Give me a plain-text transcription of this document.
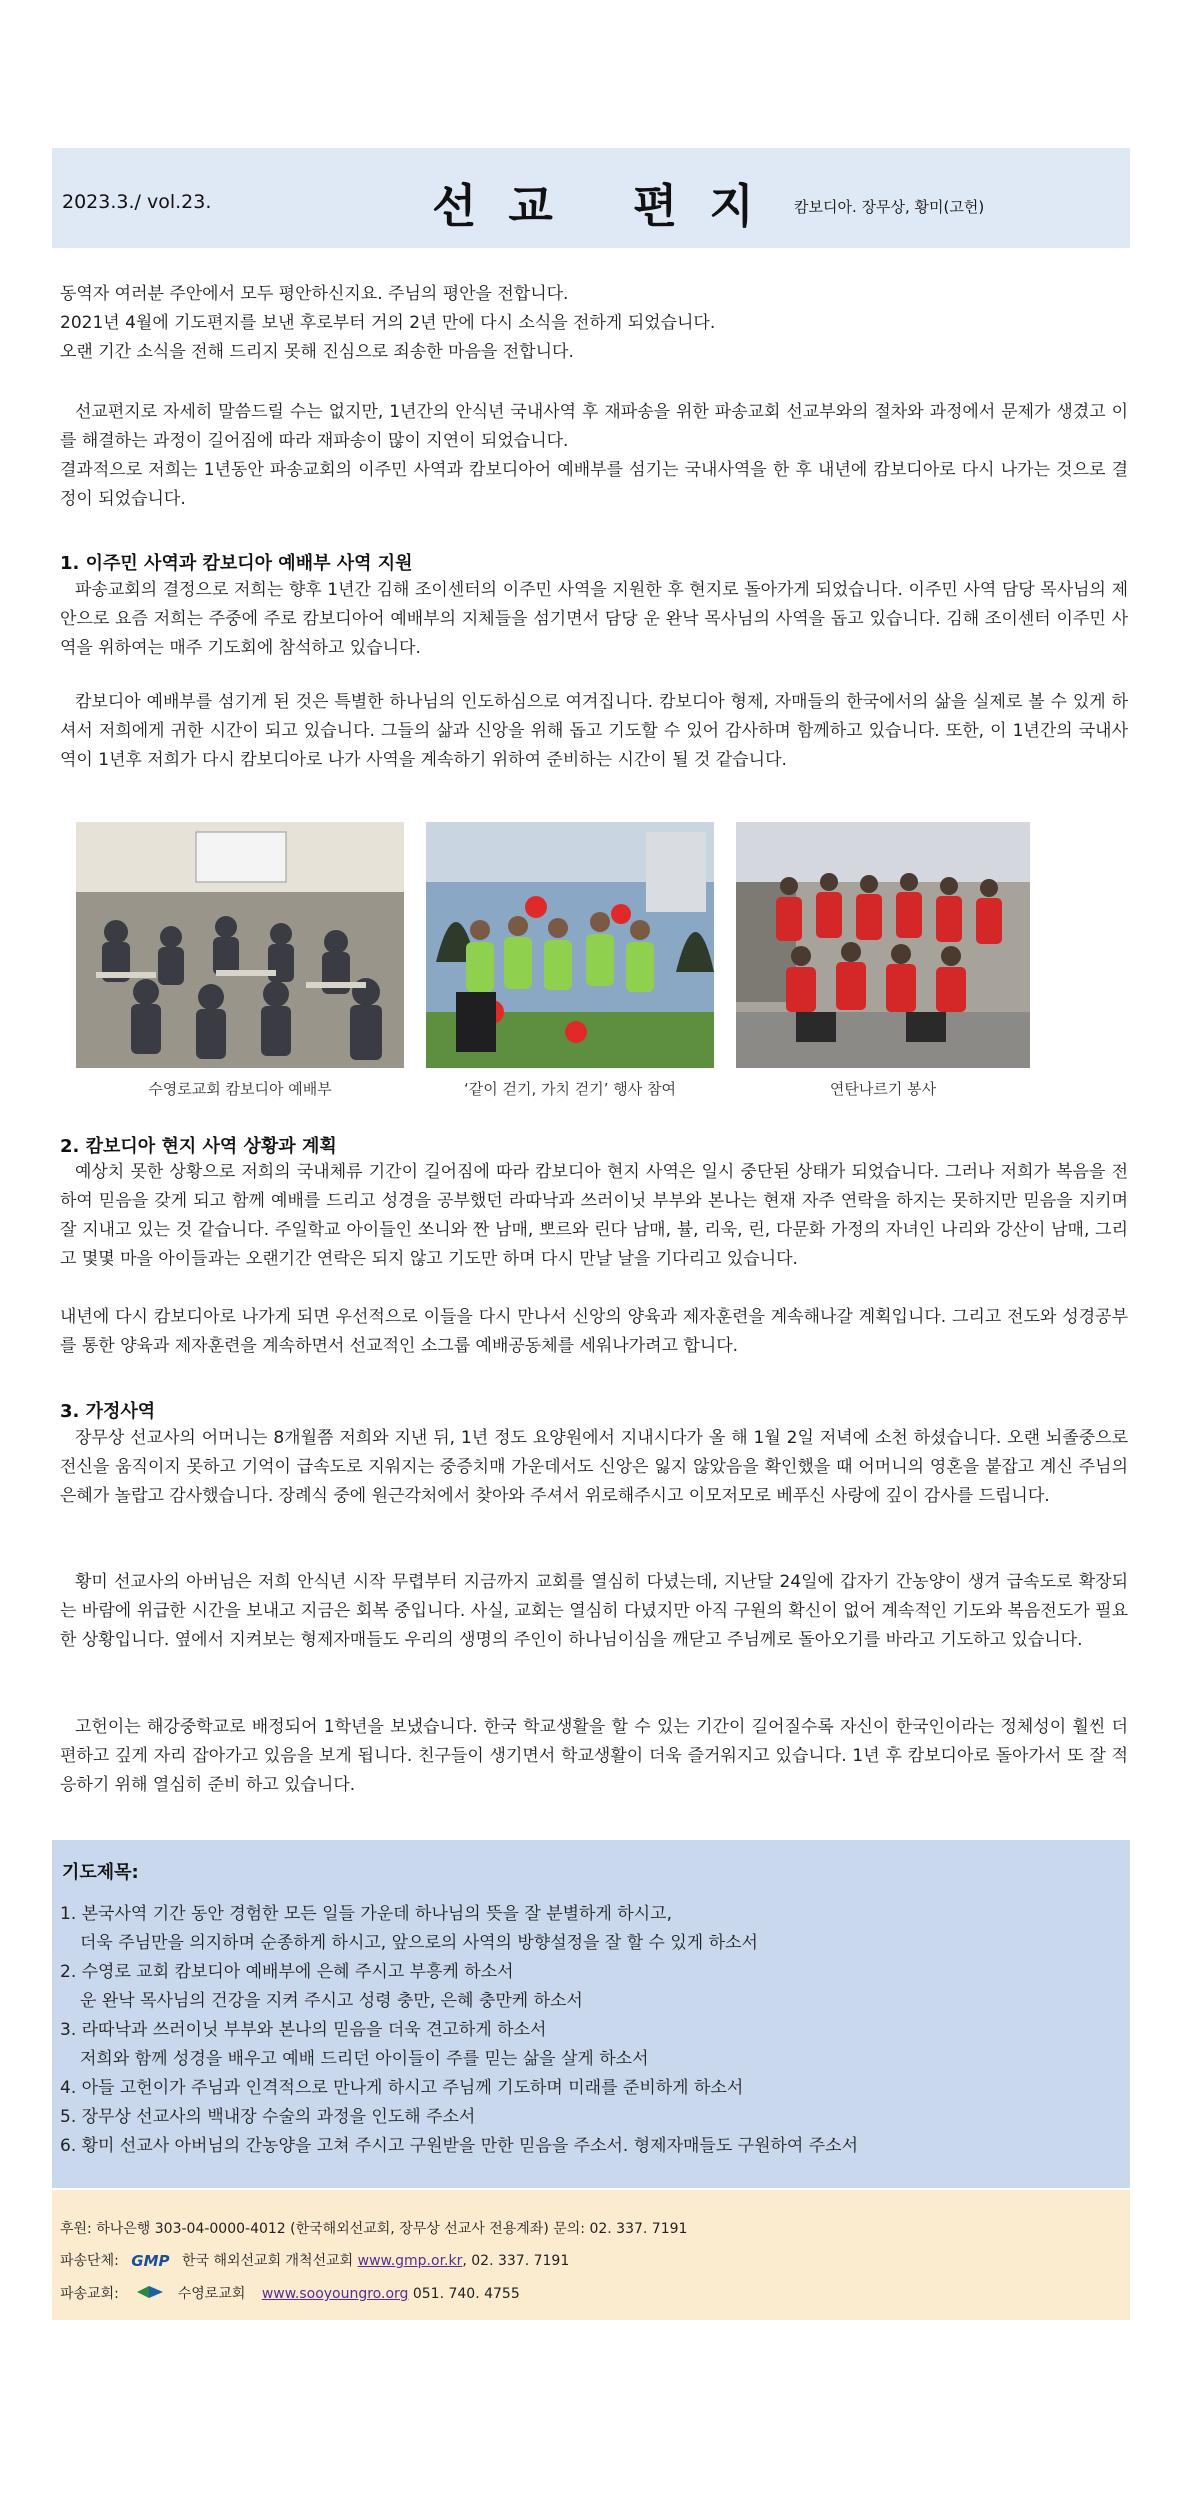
2023.3./ vol.23.	선교 편지 캄보디아. 장무상, 황미(고헌)
동역자 여러분 주안에서 모두 평안하신지요. 주님의 평안을 전합니다.
2021년 4월에 기도편지를 보낸 후로부터 거의 2년 만에 다시 소식을 전하게 되었습니다.
오랜 기간 소식을 전해 드리지 못해 진심으로 죄송한 마음을 전합니다.

선교편지로 자세히 말씀드릴 수는 없지만, 1년간의 안식년 국내사역 후 재파송을 위한 파송교회 선교부와의 절차와 과정에서 문제가 생겼고 이를 해결하는 과정이 길어짐에 따라 재파송이 많이 지연이 되었습니다.

결과적으로 저희는 1년동안 파송교회의 이주민 사역과 캄보디아어 예배부를 섬기는 국내사역을 한 후 내년에 캄보디아로 다시 나가는 것으로 결정이 되었습니다.

1. 이주민 사역과 캄보디아 예배부 사역 지원

파송교회의 결정으로 저희는 향후 1년간 김해 조이센터의 이주민 사역을 지원한 후 현지로 돌아가게 되었습니다. 이주민 사역 담당 목사님의 제안으로 요즘 저희는 주중에 주로 캄보디아어 예배부의 지체들을 섬기면서 담당 운 완낙 목사님의 사역을 돕고 있습니다. 김해 조이센터 이주민 사역을 위하여는 매주 기도회에 참석하고 있습니다.

캄보디아 예배부를 섬기게 된 것은 특별한 하나님의 인도하심으로 여겨집니다. 캄보디아 형제, 자매들의 한국에서의 삶을 실제로 볼 수 있게 하셔서 저희에게 귀한 시간이 되고 있습니다. 그들의 삶과 신앙을 위해 돕고 기도할 수 있어 감사하며 함께하고 있습니다. 또한, 이 1년간의 국내사역이 1년후 저희가 다시 캄보디아로 나가 사역을 계속하기 위하여 준비하는 시간이 될 것 같습니다.

수영로교회 캄보디아 예배부	‘같이 걷기, 가치 걷기’ 행사 참여	연탄나르기 봉사
2. 캄보디아 현지 사역 상황과 계획

예상치 못한 상황으로 저희의 국내체류 기간이 길어짐에 따라 캄보디아 현지 사역은 일시 중단된 상태가 되었습니다. 그러나 저희가 복음을 전하여 믿음을 갖게 되고 함께 예배를 드리고 성경을 공부했던 라따낙과 쓰러이닛 부부와 본나는 현재 자주 연락을 하지는 못하지만 믿음을 지키며 잘 지내고 있는 것 같습니다. 주일학교 아이들인 쏘니와 짠 남매, 뽀르와 린다 남매, 뷸, 리욱, 린, 다문화 가정의 자녀인 나리와 강산이 남매, 그리고 몇몇 마을 아이들과는 오랜기간 연락은 되지 않고 기도만 하며 다시 만날 날을 기다리고 있습니다.

내년에 다시 캄보디아로 나가게 되면 우선적으로 이들을 다시 만나서 신앙의 양육과 제자훈련을 계속해나갈 계획입니다. 그리고 전도와 성경공부를 통한 양육과 제자훈련을 계속하면서 선교적인 소그룹 예배공동체를 세워나가려고 합니다.

3. 가정사역

장무상 선교사의 어머니는 8개월쯤 저희와 지낸 뒤, 1년 정도 요양원에서 지내시다가 올 해 1월 2일 저녁에 소천 하셨습니다. 오랜 뇌졸중으로 전신을 움직이지 못하고 기억이 급속도로 지워지는 중증치매 가운데서도 신앙은 잃지 않았음을 확인했을 때 어머니의 영혼을 붙잡고 계신 주님의 은혜가 놀랍고 감사했습니다. 장례식 중에 원근각처에서 찾아와 주셔서 위로해주시고 이모저모로 베푸신 사랑에 깊이 감사를 드립니다.

황미 선교사의 아버님은 저희 안식년 시작 무렵부터 지금까지 교회를 열심히 다녔는데, 지난달 24일에 갑자기 간농양이 생겨 급속도로 확장되는 바람에 위급한 시간을 보내고 지금은 회복 중입니다. 사실, 교회는 열심히 다녔지만 아직 구원의 확신이 없어 계속적인 기도와 복음전도가 필요한 상황입니다. 옆에서 지켜보는 형제자매들도 우리의 생명의 주인이 하나님이심을 깨닫고 주님께로 돌아오기를 바라고 기도하고 있습니다.

고헌이는 해강중학교로 배정되어 1학년을 보냈습니다. 한국 학교생활을 할 수 있는 기간이 길어질수록 자신이 한국인이라는 정체성이 훨씬 더 편하고 깊게 자리 잡아가고 있음을 보게 됩니다. 친구들이 생기면서 학교생활이 더욱 즐거워지고 있습니다. 1년 후 캄보디아로 돌아가서 또 잘 적응하기 위해 열심히 준비 하고 있습니다.

기도제목:
1. 본국사역 기간 동안 경험한 모든 일들 가운데 하나님의 뜻을 잘 분별하게 하시고,
더욱 주님만을 의지하며 순종하게 하시고, 앞으로의 사역의 방향설정을 잘 할 수 있게 하소서
2. 수영로 교회 캄보디아 예배부에 은혜 주시고 부흥케 하소서
운 완낙 목사님의 건강을 지켜 주시고 성령 충만, 은혜 충만케 하소서
3. 라따낙과 쓰러이닛 부부와 본나의 믿음을 더욱 견고하게 하소서
저희와 함께 성경을 배우고 예배 드리던 아이들이 주를 믿는 삶을 살게 하소서
4. 아들 고헌이가 주님과 인격적으로 만나게 하시고 주님께 기도하며 미래를 준비하게 하소서
5. 장무상 선교사의 백내장 수술의 과정을 인도해 주소서
6. 황미 선교사 아버님의 간농양을 고쳐 주시고 구원받을 만한 믿음을 주소서. 형제자매들도 구원하여 주소서
후원: 하나은행 303-04-0000-4012 (한국해외선교회, 장무상 선교사 전용계좌) 문의: 02. 337. 7191
파송단체: GMP 한국 해외선교회 개척선교회 www.gmp.or.kr, 02. 337. 7191
파송교회:	수영로교회 www.sooyoungro.org 051. 740. 4755
